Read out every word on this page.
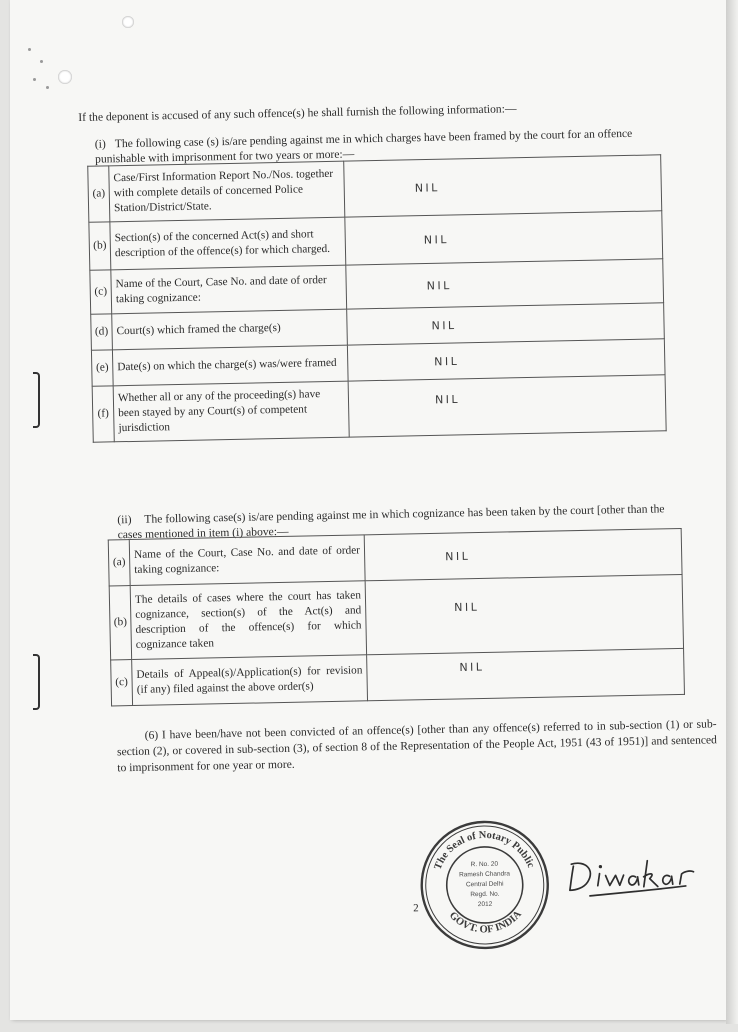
If the deponent is accused of any such offence(s) he shall furnish the following information:—
(i) The following case (s) is/are pending against me in which charges have been framed by the court for an offence punishable with imprisonment for two years or more:—
(a)	Case/First Information Report No./Nos. together with complete details of concerned Police Station/District/State.	NIL

(b)	Section(s) of the concerned Act(s) and short description of the offence(s) for which charged.	NIL

(c)	Name of the Court, Case No. and date of order taking cognizance:	NIL

(d)	Court(s) which framed the charge(s)	NIL

(e)	Date(s) on which the charge(s) was/were framed	NIL

(f)	Whether all or any of the proceeding(s) have been stayed by any Court(s) of competent jurisdiction	NIL
(ii) The following case(s) is/are pending against me in which cognizance has been taken by the court [other than the cases mentioned in item (i) above:—
(a)	Name of the Court, Case No. and date of order taking cognizance:	NIL

(b)	The details of cases where the court has taken cognizance, section(s) of the Act(s) and description of the offence(s) for which cognizance taken	NIL

(c)	Details of Appeal(s)/Application(s) for revision (if any) filed against the above order(s)	NIL
(6) I have been/have not been convicted of an offence(s) [other than any offence(s) referred to in sub-section (1) or sub-section (2), or covered in sub-section (3), of section 8 of the Representation of the People Act, 1951 (43 of 1951)] and sentenced to imprisonment for one year or more.
2
The Seal of Notary Public
GOVT. OF INDIA
R. No. 20
Ramesh Chandra
Central Delhi
Regd. No.
2012
Diwakar
